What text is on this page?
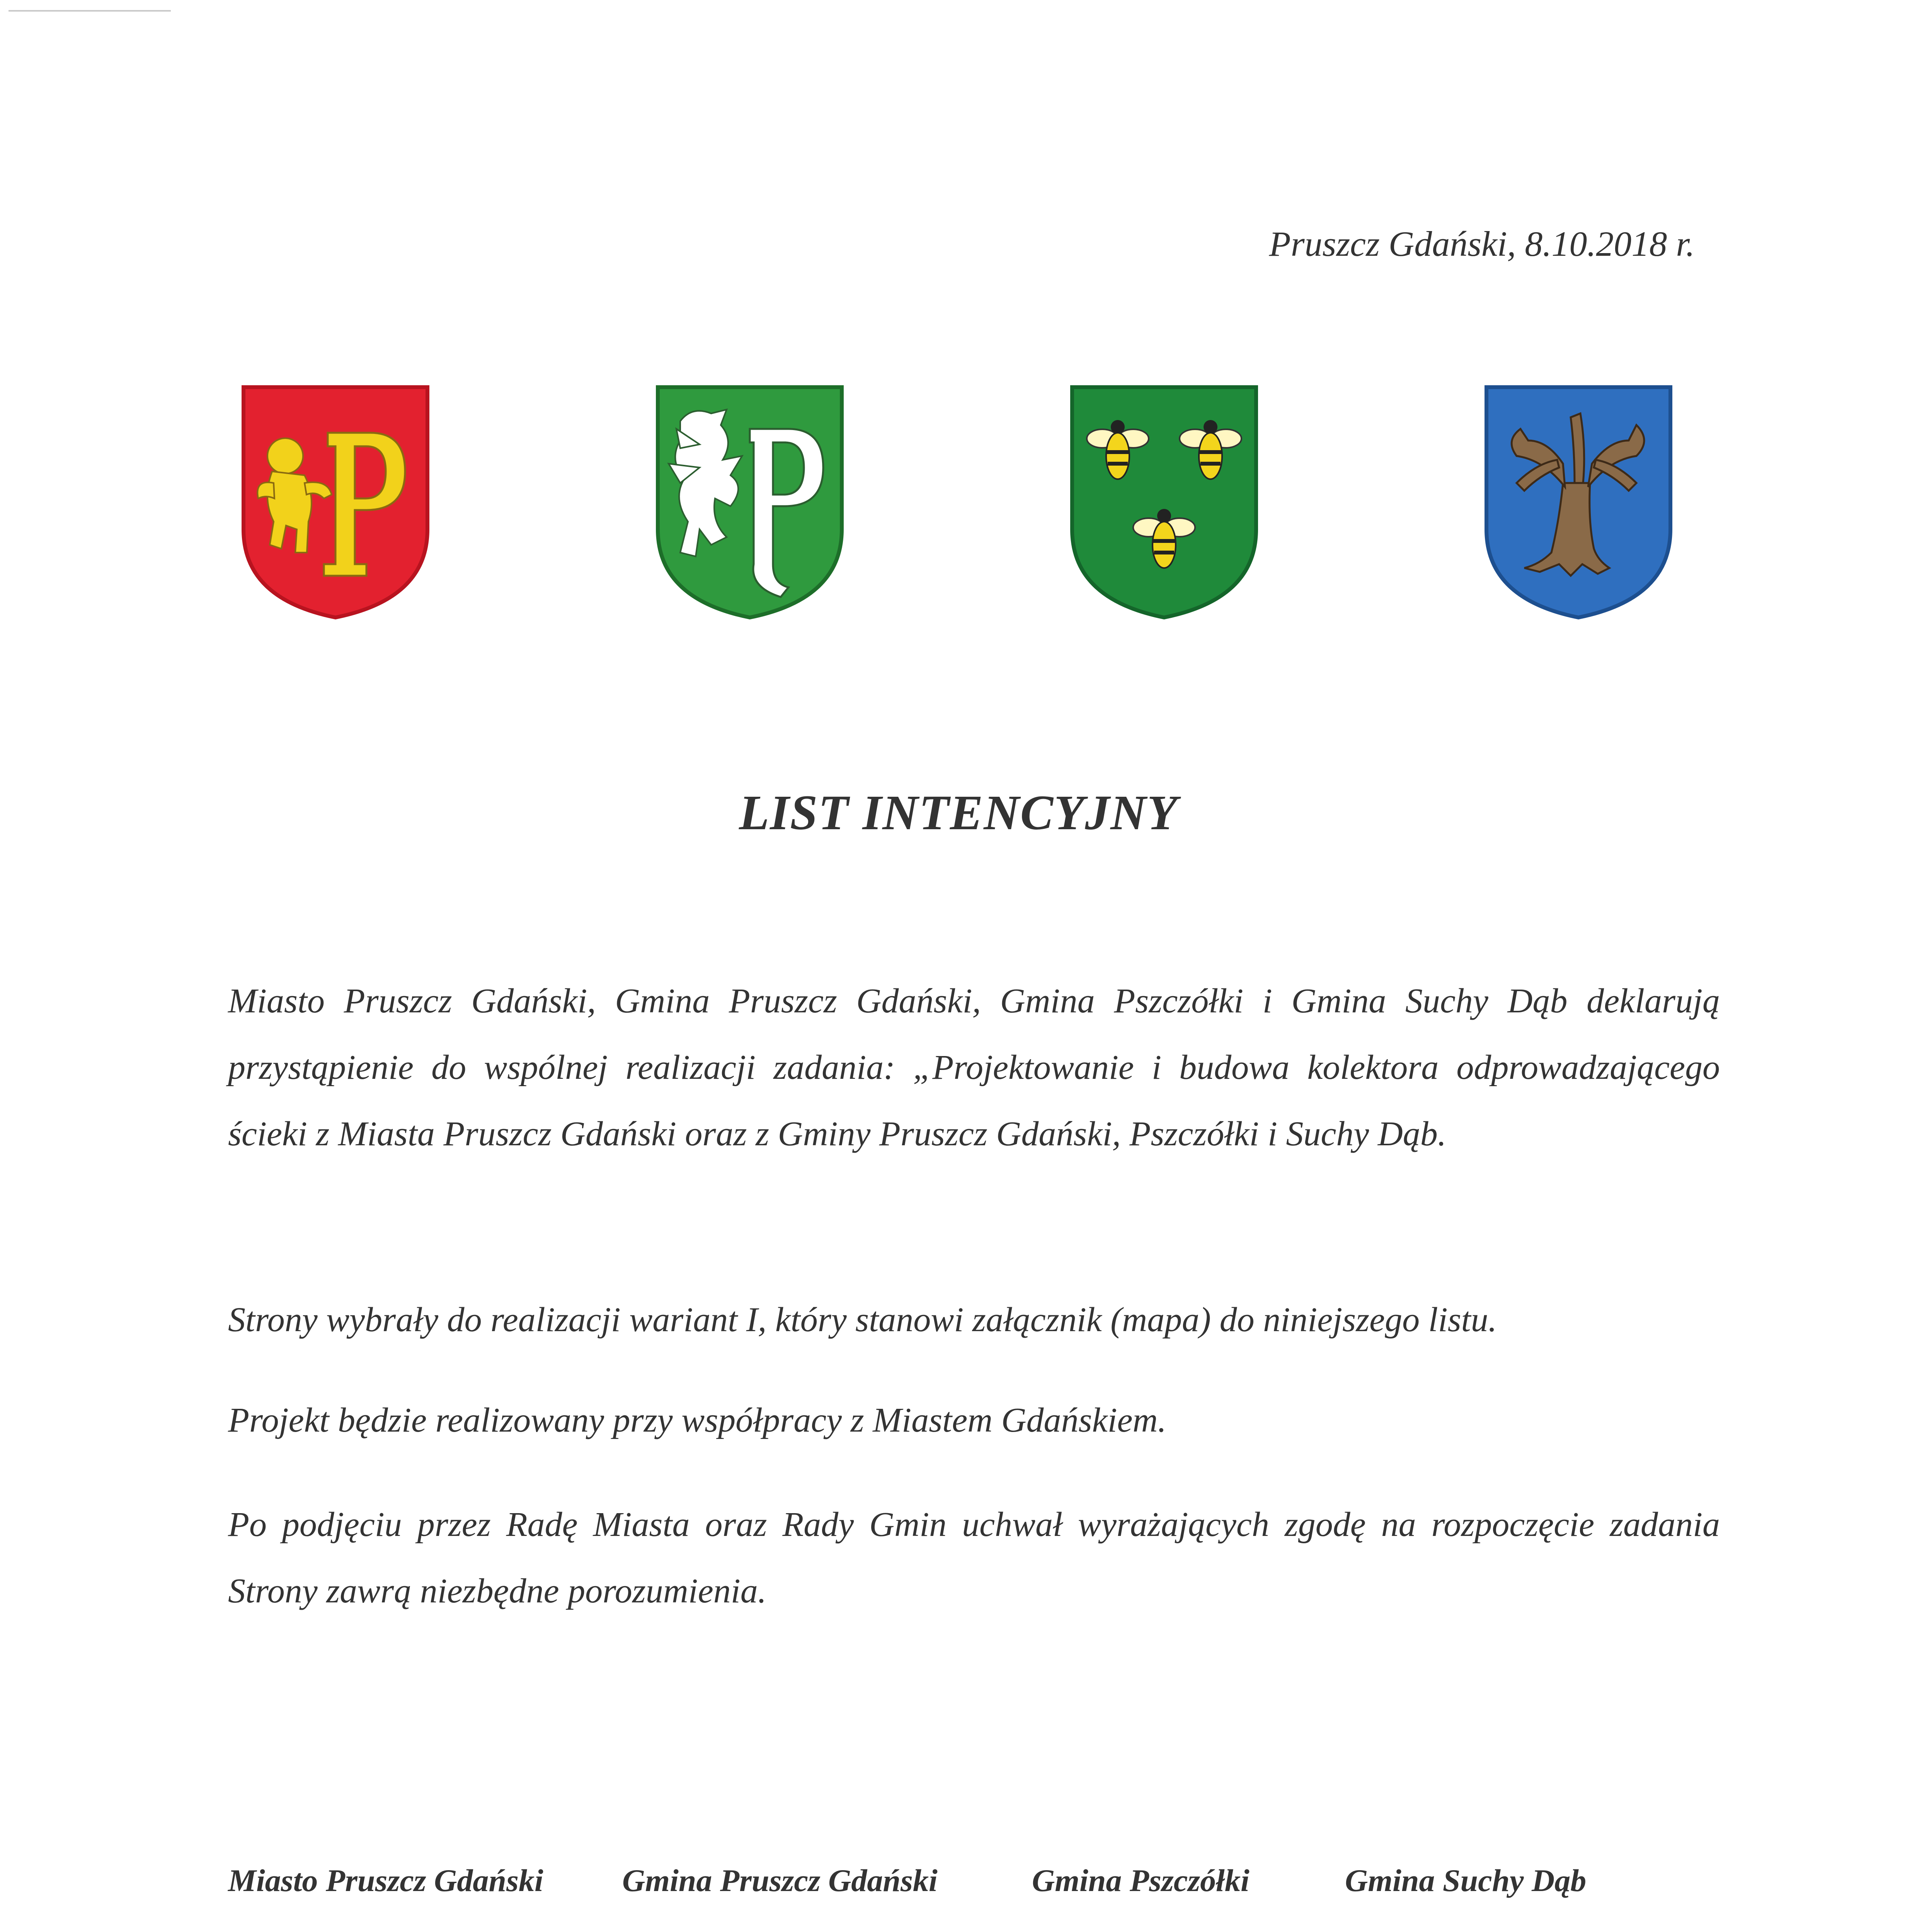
Pruszcz Gdański, 8.10.2018 r.
LIST INTENCYJNY
Miasto Pruszcz Gdański, Gmina Pruszcz Gdański, Gmina Pszczółki i Gmina Suchy Dąb deklarują przystąpienie do wspólnej realizacji zadania: „Projektowanie i budowa kolektora odprowadzającego ścieki z Miasta Pruszcz Gdański oraz z Gminy Pruszcz Gdański, Pszczółki i Suchy Dąb.
Strony wybrały do realizacji wariant I, który stanowi załącznik (mapa) do niniejszego listu.
Projekt będzie realizowany przy współpracy z Miastem Gdańskiem.
Po podjęciu przez Radę Miasta oraz Rady Gmin uchwał wyrażających zgodę na rozpoczęcie zadania Strony zawrą niezbędne porozumienia.
Miasto Pruszcz Gdański Gmina Pruszcz Gdański	Gmina Pszczółki	Gmina Suchy Dąb
